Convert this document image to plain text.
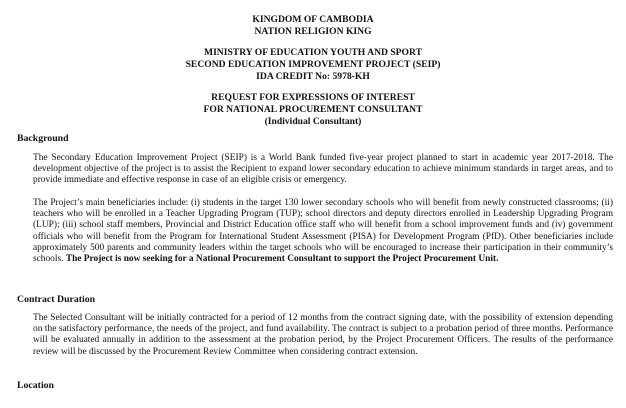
KINGDOM OF CAMBODIA
NATION RELIGION KING
MINISTRY OF EDUCATION YOUTH AND SPORT
SECOND EDUCATION IMPROVEMENT PROJECT (SEIP)
IDA CREDIT No: 5978-KH
REQUEST FOR EXPRESSIONS OF INTEREST
FOR NATIONAL PROCUREMENT CONSULTANT
(Individual Consultant)
Background
The Secondary Education Improvement Project (SEIP) is a World Bank funded five-year project planned to start in academic year 2017-2018. The development objective of the project is to assist the Recipient to expand lower secondary education to achieve minimum standards in target areas, and to provide immediate and effective response in case of an eligible crisis or emergency.
The Project’s main beneficiaries include: (i) students in the target 130 lower secondary schools who will benefit from newly constructed classrooms; (ii) teachers who will be enrolled in a Teacher Upgrading Program (TUP); school directors and deputy directors enrolled in Leadership Upgrading Program (LUP); (iii) school staff members, Provincial and District Education office staff who will benefit from a school improvement funds and (iv) government officials who will benefit from the Program for International Student Assessment (PISA) for Development Program (PfD). Other beneficiaries include approximately 500 parents and community leaders within the target schools who will be encouraged to increase their participation in their community’s schools. The Project is now seeking for a National Procurement Consultant to support the Project Procurement Unit.
Contract Duration
The Selected Consultant will be initially contracted for a period of 12 months from the contract signing date, with the possibility of extension depending on the satisfactory performance, the needs of the project, and fund availability. The contract is subject to a probation period of three months. Performance will be evaluated annually in addition to the assessment at the probation period, by the Project Procurement Officers. The results of the performance review will be discussed by the Procurement Review Committee when considering contract extension.
Location
